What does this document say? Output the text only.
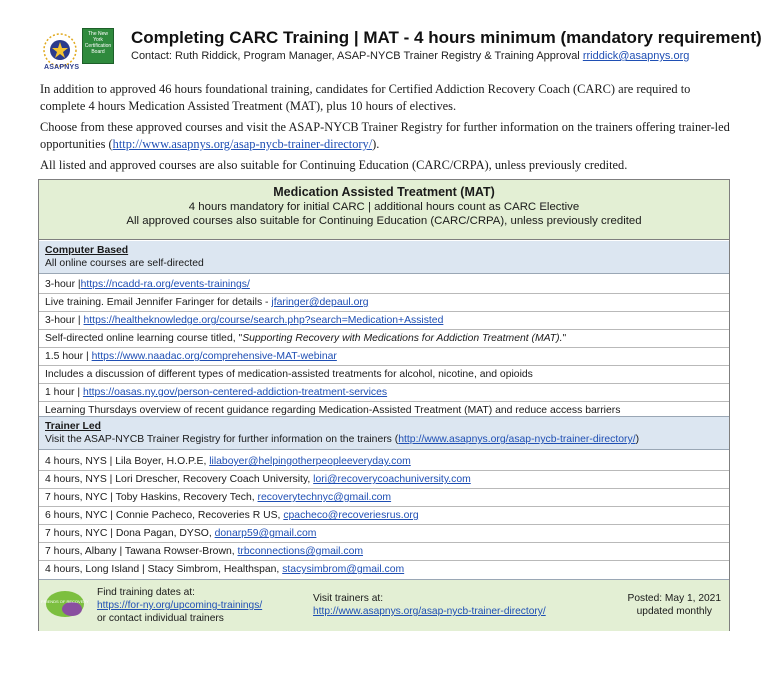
ASAPNYS
The New York Certification Board
Completing CARC Training | MAT - 4 hours minimum (mandatory requirement)
Contact: Ruth Riddick, Program Manager, ASAP-NYCB Trainer Registry & Training Approval rriddick@asapnys.org

In addition to approved 46 hours foundational training, candidates for Certified Addiction Recovery Coach (CARC) are required to complete 4 hours Medication Assisted Treatment (MAT), plus 10 hours of electives.

Choose from these approved courses and visit the ASAP-NYCB Trainer Registry for further information on the trainers offering trainer-led opportunities (http://www.asapnys.org/asap-nycb-trainer-directory/).

All listed and approved courses are also suitable for Continuing Education (CARC/CRPA), unless previously credited.

Medication Assisted Treatment (MAT)
4 hours mandatory for initial CARC | additional hours count as CARC Elective
All approved courses also suitable for Continuing Education (CARC/CRPA), unless previously credited
Computer Based
All online courses are self-directed
3-hour |https://ncadd-ra.org/events-trainings/
Live training. Email Jennifer Faringer for details - jfaringer@depaul.org
3-hour | https://healtheknowledge.org/course/search.php?search=Medication+Assisted
Self-directed online learning course titled, "Supporting Recovery with Medications for Addiction Treatment (MAT)."
1.5 hour | https://www.naadac.org/comprehensive-MAT-webinar
Includes a discussion of different types of medication-assisted treatments for alcohol, nicotine, and opioids
1 hour | https://oasas.ny.gov/person-centered-addiction-treatment-services
Learning Thursdays overview of recent guidance regarding Medication-Assisted Treatment (MAT) and reduce access barriers
Trainer Led
Visit the ASAP-NYCB Trainer Registry for further information on the trainers (http://www.asapnys.org/asap-nycb-trainer-directory/)
4 hours, NYS | Lila Boyer, H.O.P.E, lilaboyer@helpingotherpeopleeveryday.com
4 hours, NYS | Lori Drescher, Recovery Coach University, lori@recoverycoachuniversity.com
7 hours, NYC | Toby Haskins, Recovery Tech, recoverytechnyc@gmail.com
6 hours, NYC | Connie Pacheco, Recoveries R US, cpacheco@recoveriesrus.org
7 hours, NYC | Dona Pagan, DYSO, donarp59@gmail.com
7 hours, Albany | Tawana Rowser-Brown, trbconnections@gmail.com
4 hours, Long Island | Stacy Simbrom, Healthspan, stacysimbrom@gmail.com
FRIENDS OF RECOVERY
Find training dates at:
https://for-ny.org/upcoming-trainings/
or contact individual trainers
Visit trainers at:
http://www.asapnys.org/asap-nycb-trainer-directory/
Posted: May 1, 2021
updated monthly
